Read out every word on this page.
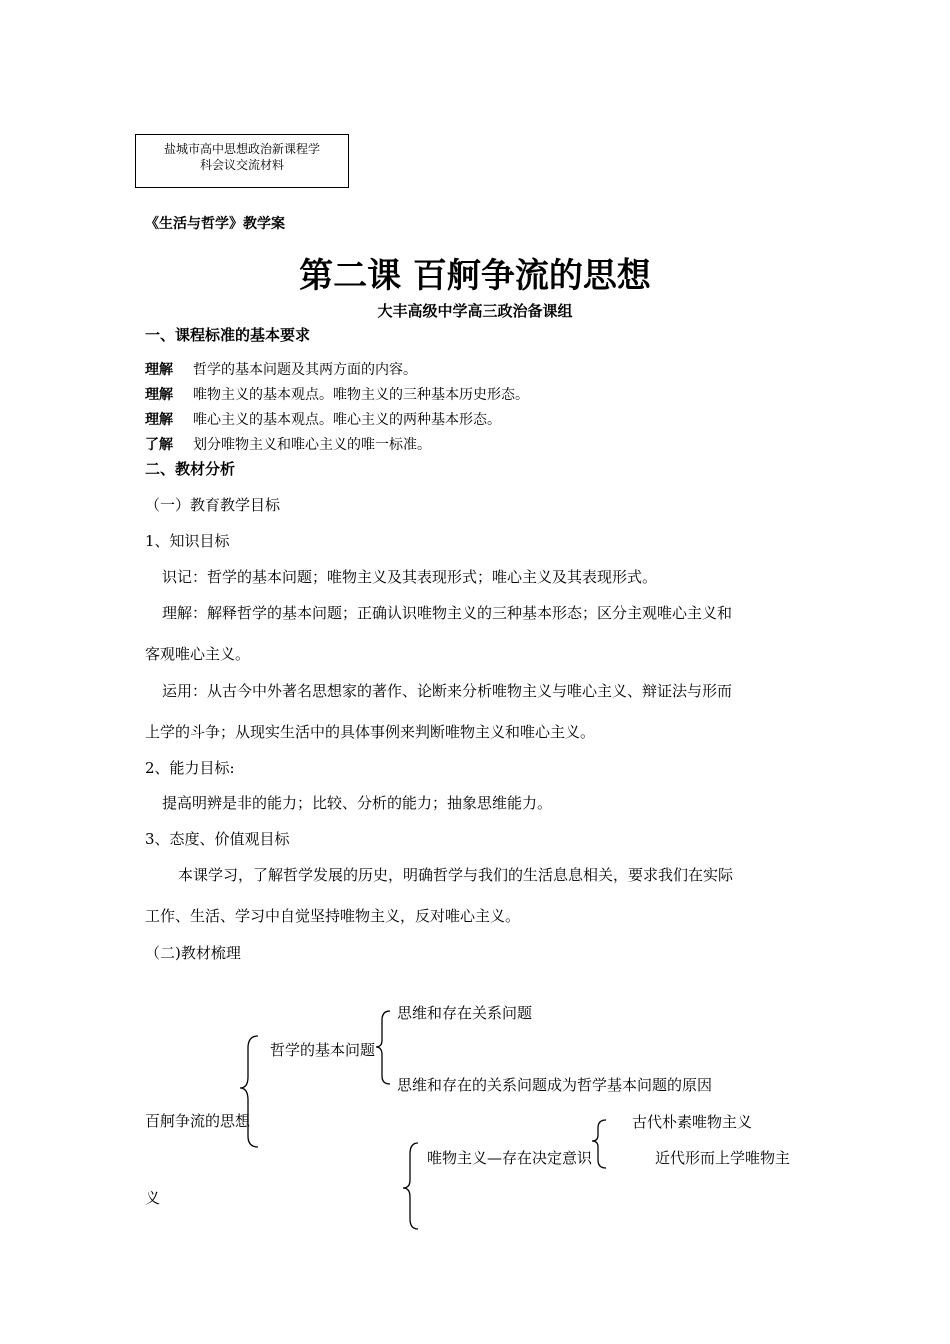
盐城市高中思想政治新课程学
科会议交流材料
《生活与哲学》教学案
第二课 百舸争流的思想
大丰高级中学高三政治备课组
一、课程标准的基本要求
理解 哲学的基本问题及其两方面的内容。
理解 唯物主义的基本观点。唯物主义的三种基本历史形态。
理解 唯心主义的基本观点。唯心主义的两种基本形态。
了解 划分唯物主义和唯心主义的唯一标准。
二、教材分析
（一）教育教学目标
1、知识目标
识记：哲学的基本问题；唯物主义及其表现形式；唯心主义及其表现形式。
理解：解释哲学的基本问题；正确认识唯物主义的三种基本形态；区分主观唯心主义和
客观唯心主义。
运用：从古今中外著名思想家的著作、论断来分析唯物主义与唯心主义、辩证法与形而
上学的斗争；从现实生活中的具体事例来判断唯物主义和唯心主义。
2、能力目标:
提高明辨是非的能力；比较、分析的能力；抽象思维能力。
3、态度、价值观目标
本课学习，了解哲学发展的历史，明确哲学与我们的生活息息相关，要求我们在实际
工作、生活、学习中自觉坚持唯物主义，反对唯心主义。
（二)教材梳理
百舸争流的思想
义
哲学的基本问题
思维和存在关系问题
思维和存在的关系问题成为哲学基本问题的原因
唯物主义—存在决定意识
古代朴素唯物主义
近代形而上学唯物主
